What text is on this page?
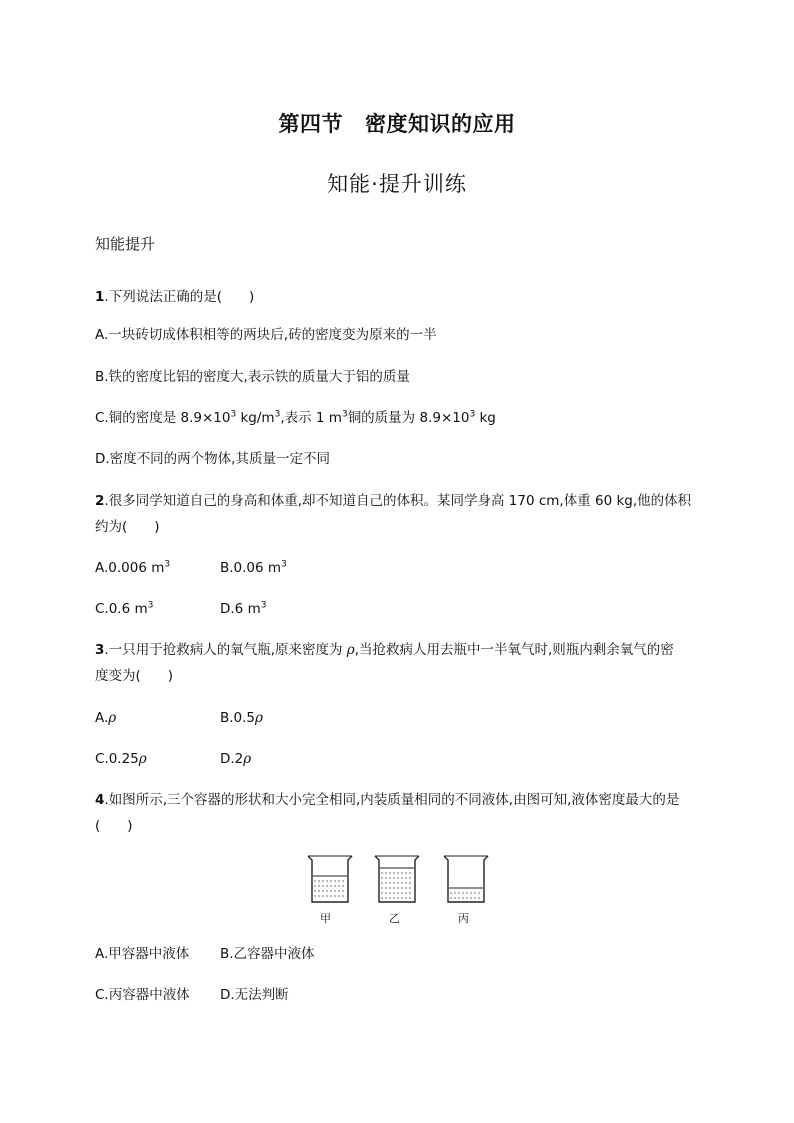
第四节 密度知识的应用
知能·提升训练
知能提升
1.下列说法正确的是(　　)
A.一块砖切成体积相等的两块后,砖的密度变为原来的一半
B.铁的密度比铝的密度大,表示铁的质量大于铝的质量
C.铜的密度是 $8.9\times 10^3$ $kg/m^3$,表示 1 $m^3$铜的质量为 $8.9\times 10^3$ kg
D.密度不同的两个物体,其质量一定不同
2.很多同学知道自己的身高和体重,却不知道自己的体积。某同学身高 170 cm,体重 60 kg,他的体积
约为(　　)
A.0.006 $m^3$	B.0.06 $m^3$
C.0.6 $m^3$	D.6 $m^3$
3.一只用于抢救病人的氧气瓶,原来密度为 ρ,当抢救病人用去瓶中一半氧气时,则瓶内剩余氧气的密
度变为(　　)
A.ρ	B.0.5ρ
C.0.25ρ	D.2ρ
4.如图所示,三个容器的形状和大小完全相同,内装质量相同的不同液体,由图可知,液体密度最大的是
(　　)
甲	乙	丙
A.甲容器中液体 B.乙容器中液体
C.丙容器中液体 D.无法判断
